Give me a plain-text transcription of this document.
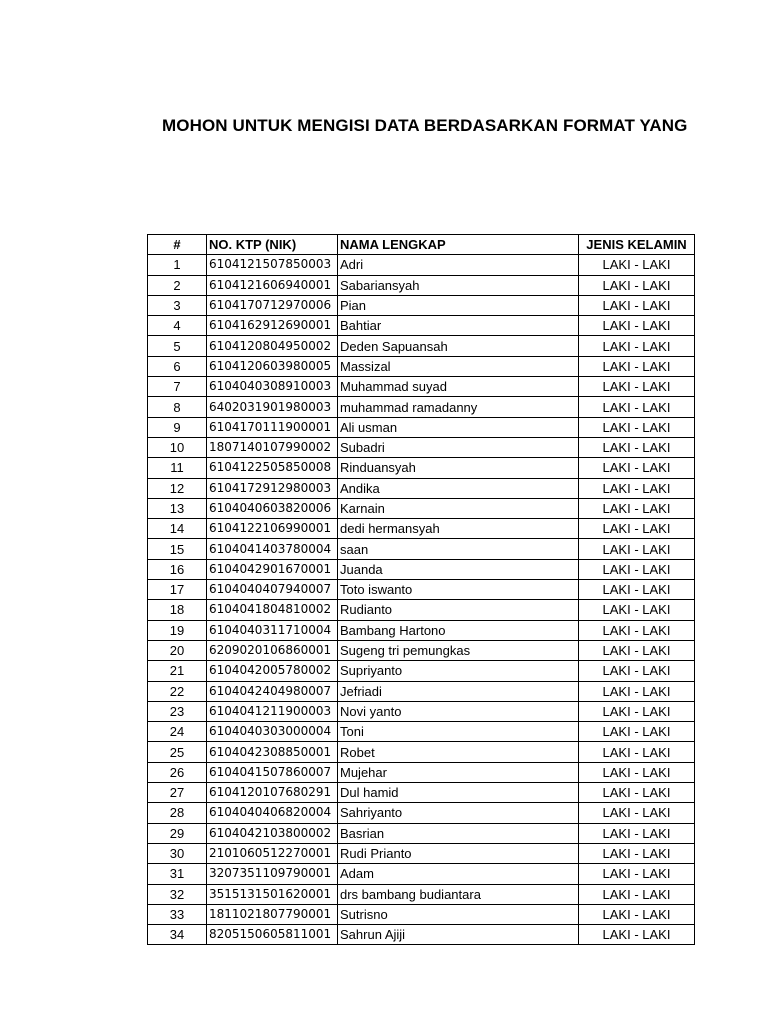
MOHON UNTUK MENGISI DATA BERDASARKAN FORMAT YANG
#	NO. KTP (NIK)	NAMA LENGKAP	JENIS KELAMIN
1	6104121507850003	Adri	LAKI - LAKI
2	6104121606940001	Sabariansyah	LAKI - LAKI
3	6104170712970006	Pian	LAKI - LAKI
4	6104162912690001	Bahtiar	LAKI - LAKI
5	6104120804950002	Deden Sapuansah	LAKI - LAKI
6	6104120603980005	Massizal	LAKI - LAKI
7	6104040308910003	Muhammad suyad	LAKI - LAKI
8	6402031901980003	muhammad ramadanny	LAKI - LAKI
9	6104170111900001	Ali usman	LAKI - LAKI
10	1807140107990002	Subadri	LAKI - LAKI
11	6104122505850008	Rinduansyah	LAKI - LAKI
12	6104172912980003	Andika	LAKI - LAKI
13	6104040603820006	Karnain	LAKI - LAKI
14	6104122106990001	dedi hermansyah	LAKI - LAKI
15	6104041403780004	saan	LAKI - LAKI
16	6104042901670001	Juanda	LAKI - LAKI
17	6104040407940007	Toto iswanto	LAKI - LAKI
18	6104041804810002	Rudianto	LAKI - LAKI
19	6104040311710004	Bambang Hartono	LAKI - LAKI
20	6209020106860001	Sugeng tri pemungkas	LAKI - LAKI
21	6104042005780002	Supriyanto	LAKI - LAKI
22	6104042404980007	Jefriadi	LAKI - LAKI
23	6104041211900003	Novi yanto	LAKI - LAKI
24	6104040303000004	Toni	LAKI - LAKI
25	6104042308850001	Robet	LAKI - LAKI
26	6104041507860007	Mujehar	LAKI - LAKI
27	6104120107680291	Dul hamid	LAKI - LAKI
28	6104040406820004	Sahriyanto	LAKI - LAKI
29	6104042103800002	Basrian	LAKI - LAKI
30	2101060512270001	Rudi Prianto	LAKI - LAKI
31	3207351109790001	Adam	LAKI - LAKI
32	3515131501620001	drs bambang budiantara	LAKI - LAKI
33	1811021807790001	Sutrisno	LAKI - LAKI
34	8205150605811001	Sahrun Ajiji	LAKI - LAKI
